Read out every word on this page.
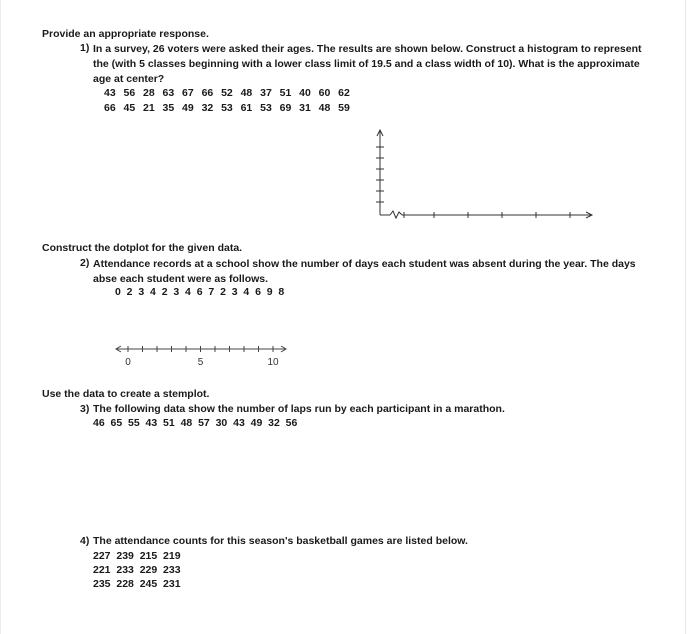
Provide an appropriate response.
1) In a survey, 26 voters were asked their ages. The results are shown below. Construct a histogram to represent the (with 5 classes beginning with a lower class limit of 19.5 and a class width of 10). What is the approximate age at center?
43  56  28  63  67  66  52  48  37  51  40  60  62
66  45  21  35  49  32  53  61  53  69  31  48  59
Construct the dotplot for the given data.
2) Attendance records at a school show the number of days each student was absent during the year. The days abse each student were as follows.
0  2  3  4  2  3  4  6  7  2  3  4  6  9  8
0	5	10
Use the data to create a stemplot.
3) The following data show the number of laps run by each participant in a marathon.
46  65  55  43  51  48  57  30  43  49  32  56
4) The attendance counts for this season's basketball games are listed below.
227  239  215  219
221  233  229  233
235  228  245  231
